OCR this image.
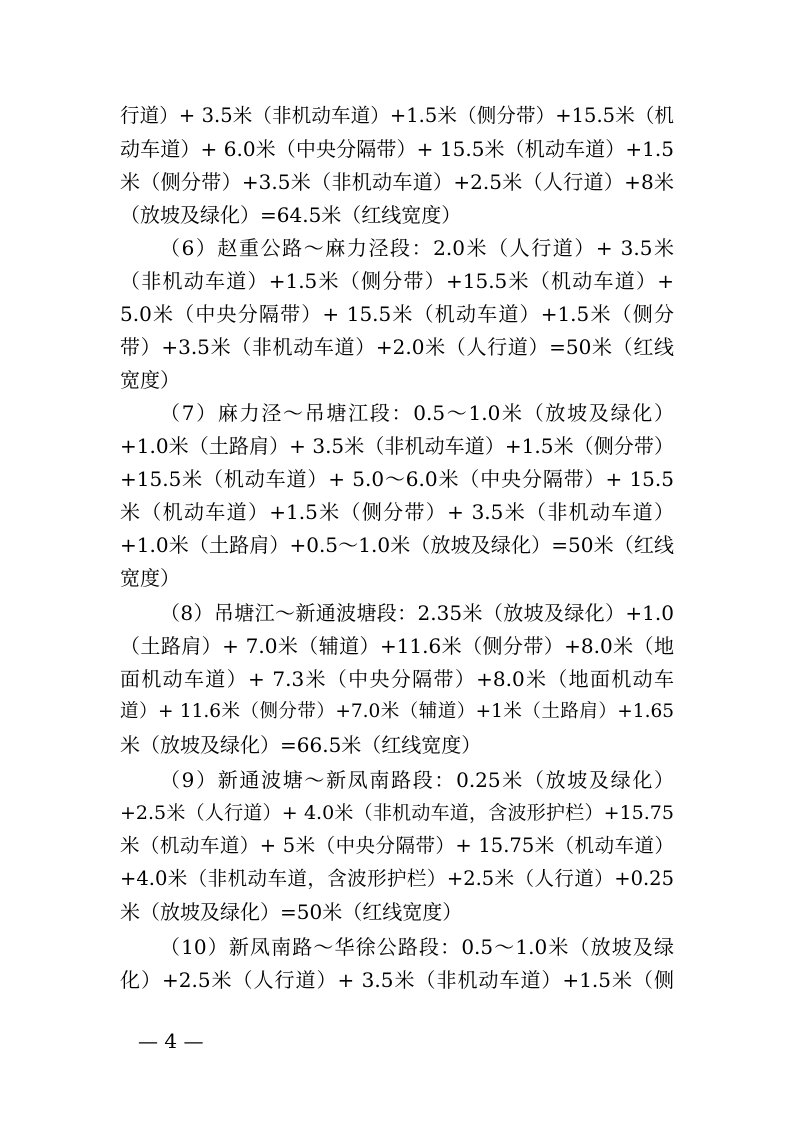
行道）+ 3.5米（非机动车道）+1.5米（侧分带）+15.5米（机
动车道）+ 6.0米（中央分隔带）+ 15.5米（机动车道）+1.5
米（侧分带）+3.5米（非机动车道）+2.5米（人行道）+8米
（放坡及绿化）=64.5米（红线宽度）
（6）赵重公路～麻力泾段：2.0米（人行道）+ 3.5米
（非机动车道）+1.5米（侧分带）+15.5米（机动车道）+
5.0米（中央分隔带）+ 15.5米（机动车道）+1.5米（侧分
带）+3.5米（非机动车道）+2.0米（人行道）=50米（红线
宽度）
（7）麻力泾～吊塘江段：0.5～1.0米（放坡及绿化）
+1.0米（土路肩）+ 3.5米（非机动车道）+1.5米（侧分带）
+15.5米（机动车道）+ 5.0～6.0米（中央分隔带）+ 15.5
米（机动车道）+1.5米（侧分带）+ 3.5米（非机动车道）
+1.0米（土路肩）+0.5～1.0米（放坡及绿化）=50米（红线
宽度）
（8）吊塘江～新通波塘段：2.35米（放坡及绿化）+1.0
（土路肩）+ 7.0米（辅道）+11.6米（侧分带）+8.0米（地
面机动车道）+ 7.3米（中央分隔带）+8.0米（地面机动车
道）+ 11.6米（侧分带）+7.0米（辅道）+1米（土路肩）+1.65
米（放坡及绿化）=66.5米（红线宽度）
（9）新通波塘～新凤南路段：0.25米（放坡及绿化）
+2.5米（人行道）+ 4.0米（非机动车道，含波形护栏）+15.75
米（机动车道）+ 5米（中央分隔带）+ 15.75米（机动车道）
+4.0米（非机动车道，含波形护栏）+2.5米（人行道）+0.25
米（放坡及绿化）=50米（红线宽度）
（10）新凤南路～华徐公路段：0.5～1.0米（放坡及绿
化）+2.5米（人行道）+ 3.5米（非机动车道）+1.5米（侧
— 4 —
